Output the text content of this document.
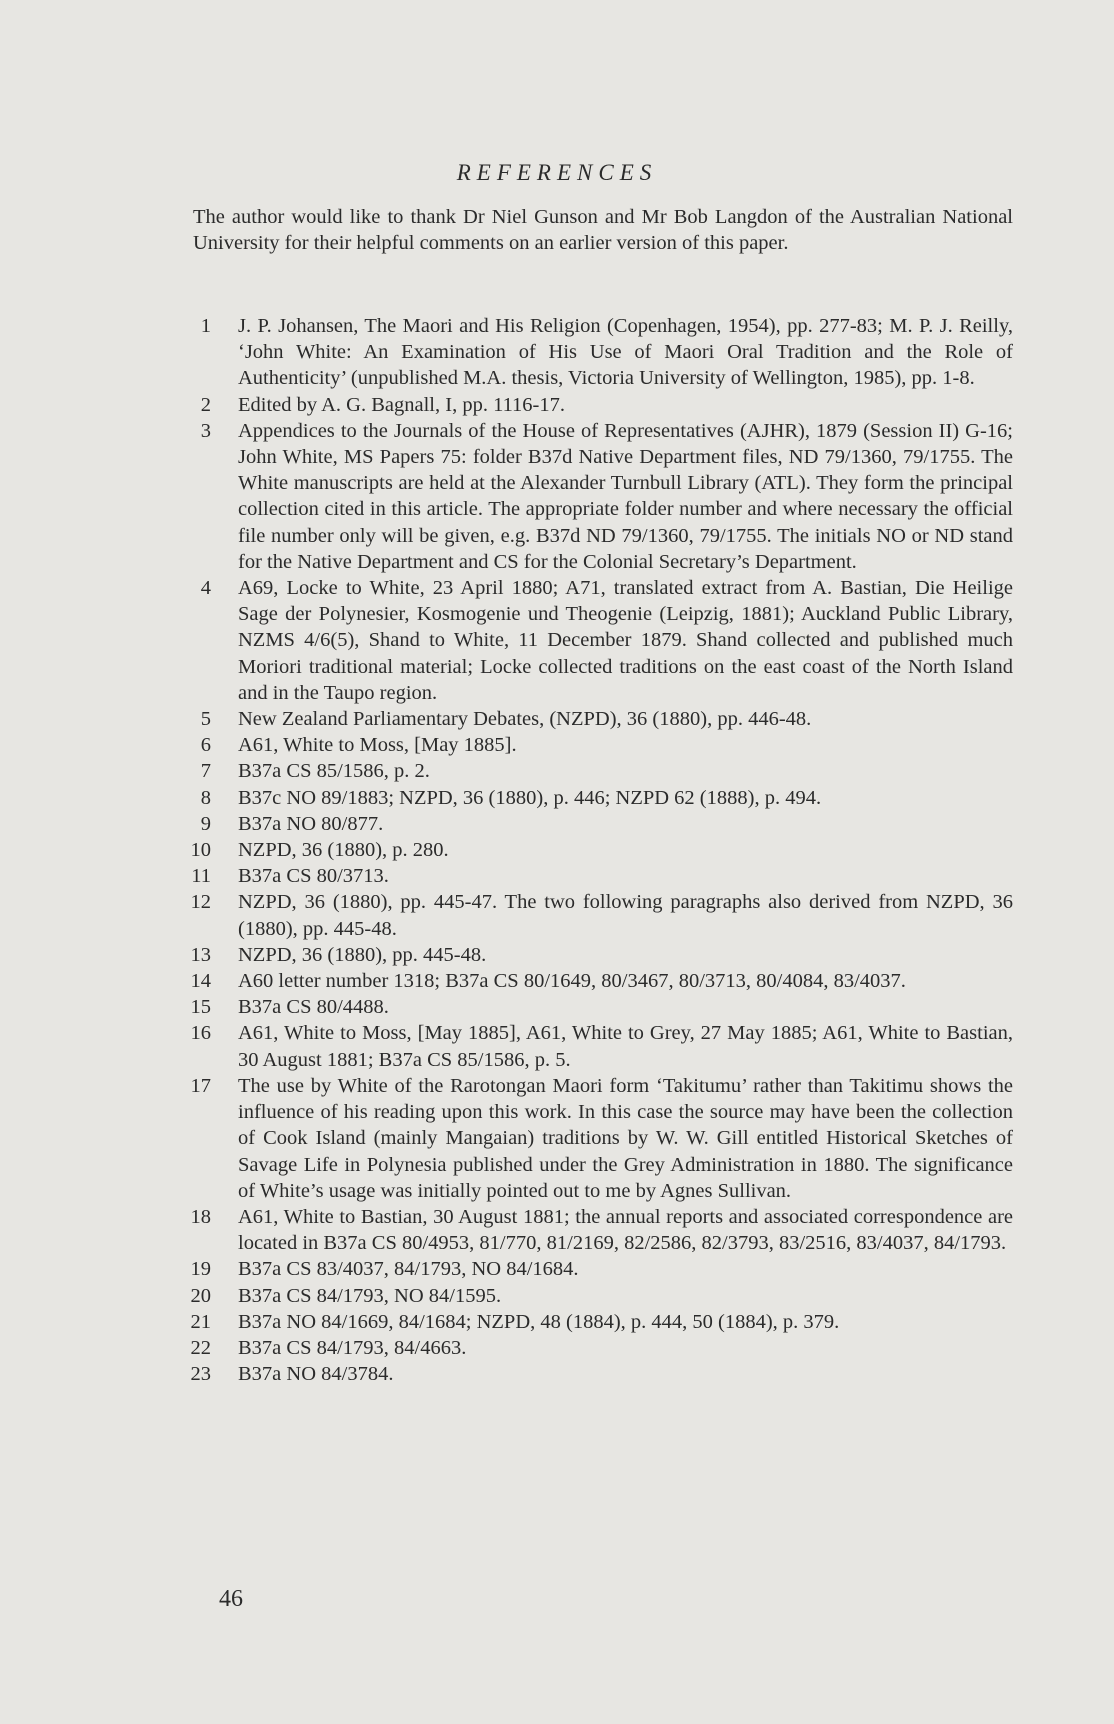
REFERENCES
The author would like to thank Dr Niel Gunson and Mr Bob Langdon of the Australian National University for their helpful comments on an earlier version of this paper.
1 J. P. Johansen, The Maori and His Religion (Copenhagen, 1954), pp. 277-83; M. P. J. Reilly, ‘John White: An Examination of His Use of Maori Oral Tradition and the Role of Authenticity’ (unpublished M.A. thesis, Victoria University of Wellington, 1985), pp. 1-8.
2 Edited by A. G. Bagnall, I, pp. 1116-17.
3 Appendices to the Journals of the House of Representatives (AJHR), 1879 (Session II) G-16; John White, MS Papers 75: folder B37d Native Department files, ND 79/1360, 79/1755. The White manuscripts are held at the Alexander Turnbull Library (ATL). They form the principal collection cited in this article. The appropriate folder number and where necessary the official file number only will be given, e.g. B37d ND 79/1360, 79/1755. The initials NO or ND stand for the Native Department and CS for the Colonial Secretary’s Department.
4 A69, Locke to White, 23 April 1880; A71, translated extract from A. Bastian, Die Heilige Sage der Polynesier, Kosmogenie und Theogenie (Leipzig, 1881); Auckland Public Library, NZMS 4/6(5), Shand to White, 11 December 1879. Shand collected and published much Moriori traditional material; Locke collected traditions on the east coast of the North Island and in the Taupo region.
5 New Zealand Parliamentary Debates, (NZPD), 36 (1880), pp. 446-48.
6 A61, White to Moss, [May 1885].
7 B37a CS 85/1586, p. 2.
8 B37c NO 89/1883; NZPD, 36 (1880), p. 446; NZPD 62 (1888), p. 494.
9 B37a NO 80/877.
10 NZPD, 36 (1880), p. 280.
11 B37a CS 80/3713.
12 NZPD, 36 (1880), pp. 445-47. The two following paragraphs also derived from NZPD, 36 (1880), pp. 445-48.
13 NZPD, 36 (1880), pp. 445-48.
14 A60 letter number 1318; B37a CS 80/1649, 80/3467, 80/3713, 80/4084, 83/4037.
15 B37a CS 80/4488.
16 A61, White to Moss, [May 1885], A61, White to Grey, 27 May 1885; A61, White to Bastian, 30 August 1881; B37a CS 85/1586, p. 5.
17 The use by White of the Rarotongan Maori form ‘Takitumu’ rather than Takitimu shows the influence of his reading upon this work. In this case the source may have been the collection of Cook Island (mainly Mangaian) traditions by W. W. Gill entitled Historical Sketches of Savage Life in Polynesia published under the Grey Administration in 1880. The significance of White’s usage was initially pointed out to me by Agnes Sullivan.
18 A61, White to Bastian, 30 August 1881; the annual reports and associated correspondence are located in B37a CS 80/4953, 81/770, 81/2169, 82/2586, 82/3793, 83/2516, 83/4037, 84/1793.
19 B37a CS 83/4037, 84/1793, NO 84/1684.
20 B37a CS 84/1793, NO 84/1595.
21 B37a NO 84/1669, 84/1684; NZPD, 48 (1884), p. 444, 50 (1884), p. 379.
22 B37a CS 84/1793, 84/4663.
23 B37a NO 84/3784.
46
